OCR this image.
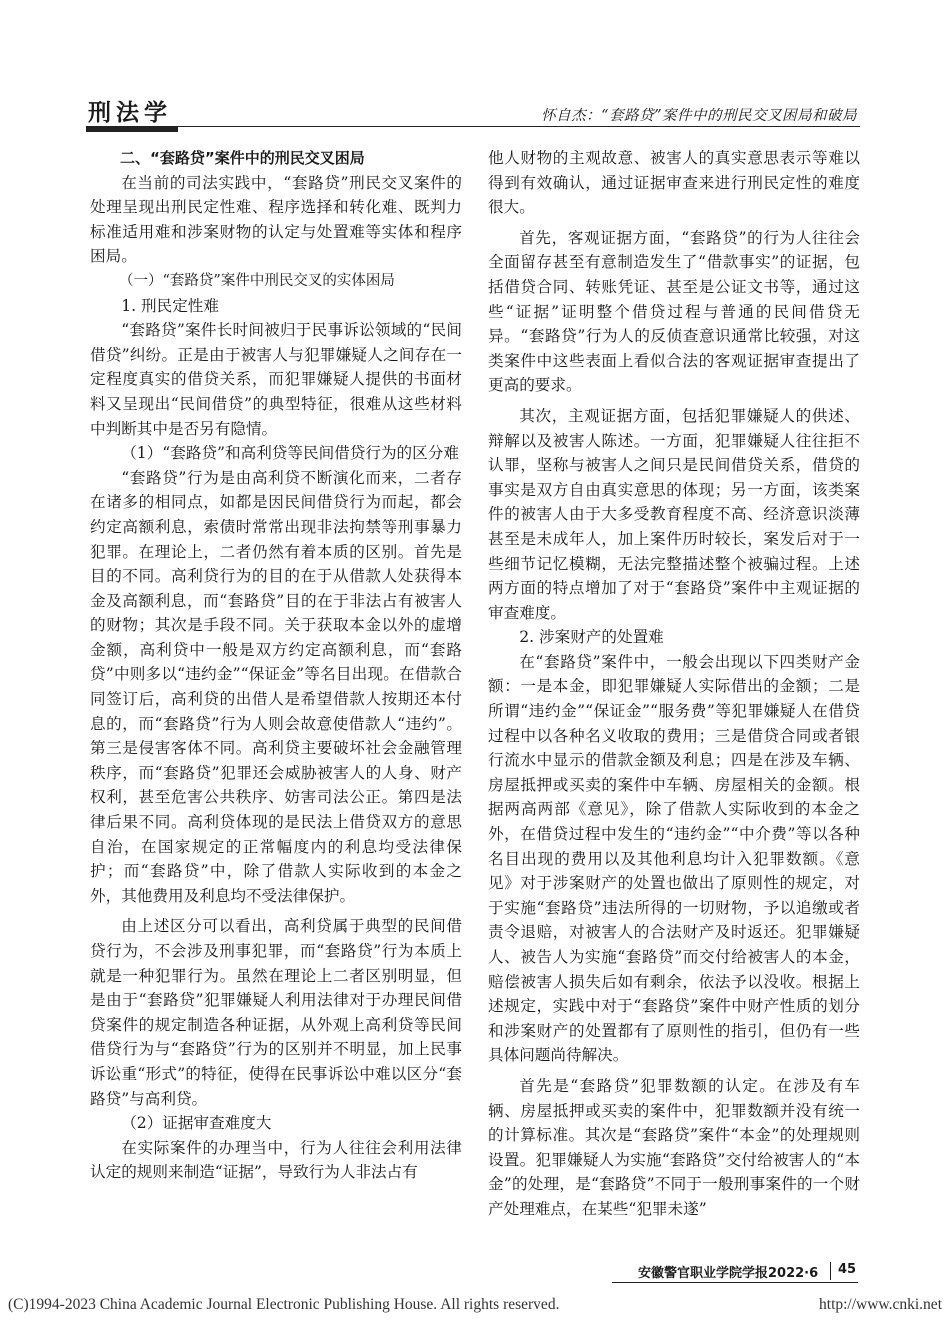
刑法学	怀自杰：“套路贷”案件中的刑民交叉困局和破局

二、“套路贷”案件中的刑民交叉困局

在当前的司法实践中，“套路贷”刑民交叉案件的处理呈现出刑民定性难、程序选择和转化难、既判力标准适用难和涉案财物的认定与处置难等实体和程序困局。

（一）“套路贷”案件中刑民交叉的实体困局

1. 刑民定性难

“套路贷”案件长时间被归于民事诉讼领域的“民间借贷”纠纷。正是由于被害人与犯罪嫌疑人之间存在一定程度真实的借贷关系，而犯罪嫌疑人提供的书面材料又呈现出“民间借贷”的典型特征，很难从这些材料中判断其中是否另有隐情。

（1）“套路贷”和高利贷等民间借贷行为的区分难

“套路贷”行为是由高利贷不断演化而来，二者存在诸多的相同点，如都是因民间借贷行为而起，都会约定高额利息，索债时常常出现非法拘禁等刑事暴力犯罪。在理论上，二者仍然有着本质的区别。首先是目的不同。高利贷行为的目的在于从借款人处获得本金及高额利息，而“套路贷”目的在于非法占有被害人的财物；其次是手段不同。关于获取本金以外的虚增金额，高利贷中一般是双方约定高额利息，而“套路贷”中则多以“违约金”“保证金”等名目出现。在借款合同签订后，高利贷的出借人是希望借款人按期还本付息的，而“套路贷”行为人则会故意使借款人“违约”。第三是侵害客体不同。高利贷主要破坏社会金融管理秩序，而“套路贷”犯罪还会威胁被害人的人身、财产权利，甚至危害公共秩序、妨害司法公正。第四是法律后果不同。高利贷体现的是民法上借贷双方的意思自治，在国家规定的正常幅度内的利息均受法律保护；而“套路贷”中，除了借款人实际收到的本金之外，其他费用及利息均不受法律保护。

由上述区分可以看出，高利贷属于典型的民间借贷行为，不会涉及刑事犯罪，而“套路贷”行为本质上就是一种犯罪行为。虽然在理论上二者区别明显，但是由于“套路贷”犯罪嫌疑人利用法律对于办理民间借贷案件的规定制造各种证据，从外观上高利贷等民间借贷行为与“套路贷”行为的区别并不明显，加上民事诉讼重“形式”的特征，使得在民事诉讼中难以区分“套路贷”与高利贷。

（2）证据审查难度大

在实际案件的办理当中，行为人往往会利用法律认定的规则来制造“证据”，导致行为人非法占有

他人财物的主观故意、被害人的真实意思表示等难以得到有效确认，通过证据审查来进行刑民定性的难度很大。

首先，客观证据方面，“套路贷”的行为人往往会全面留存甚至有意制造发生了“借款事实”的证据，包括借贷合同、转账凭证、甚至是公证文书等，通过这些“证据”证明整个借贷过程与普通的民间借贷无异。“套路贷”行为人的反侦查意识通常比较强，对这类案件中这些表面上看似合法的客观证据审查提出了更高的要求。

其次，主观证据方面，包括犯罪嫌疑人的供述、辩解以及被害人陈述。一方面，犯罪嫌疑人往往拒不认罪，坚称与被害人之间只是民间借贷关系，借贷的事实是双方自由真实意思的体现；另一方面，该类案件的被害人由于大多受教育程度不高、经济意识淡薄甚至是未成年人，加上案件历时较长，案发后对于一些细节记忆模糊，无法完整描述整个被骗过程。上述两方面的特点增加了对于“套路贷”案件中主观证据的审查难度。

2. 涉案财产的处置难

在“套路贷”案件中，一般会出现以下四类财产金额：一是本金，即犯罪嫌疑人实际借出的金额；二是所谓“违约金”“保证金”“服务费”等犯罪嫌疑人在借贷过程中以各种名义收取的费用；三是借贷合同或者银行流水中显示的借款金额及利息；四是在涉及车辆、房屋抵押或买卖的案件中车辆、房屋相关的金额。根据两高两部《意见》，除了借款人实际收到的本金之外，在借贷过程中发生的“违约金”“中介费”等以各种名目出现的费用以及其他利息均计入犯罪数额。《意见》对于涉案财产的处置也做出了原则性的规定，对于实施“套路贷”违法所得的一切财物，予以追缴或者责令退赔，对被害人的合法财产及时返还。犯罪嫌疑人、被告人为实施“套路贷”而交付给被害人的本金，赔偿被害人损失后如有剩余，依法予以没收。根据上述规定，实践中对于“套路贷”案件中财产性质的划分和涉案财产的处置都有了原则性的指引，但仍有一些具体问题尚待解决。

首先是“套路贷”犯罪数额的认定。在涉及有车辆、房屋抵押或买卖的案件中，犯罪数额并没有统一的计算标准。其次是“套路贷”案件“本金”的处理规则设置。犯罪嫌疑人为实施“套路贷”交付给被害人的“本金”的处理，是“套路贷”不同于一般刑事案件的一个财产处理难点，在某些“犯罪未遂”

安徽警官职业学院学报2022·6 45
(C)1994-2023 China Academic Journal Electronic Publishing House. All rights reserved.	http://www.cnki.net
